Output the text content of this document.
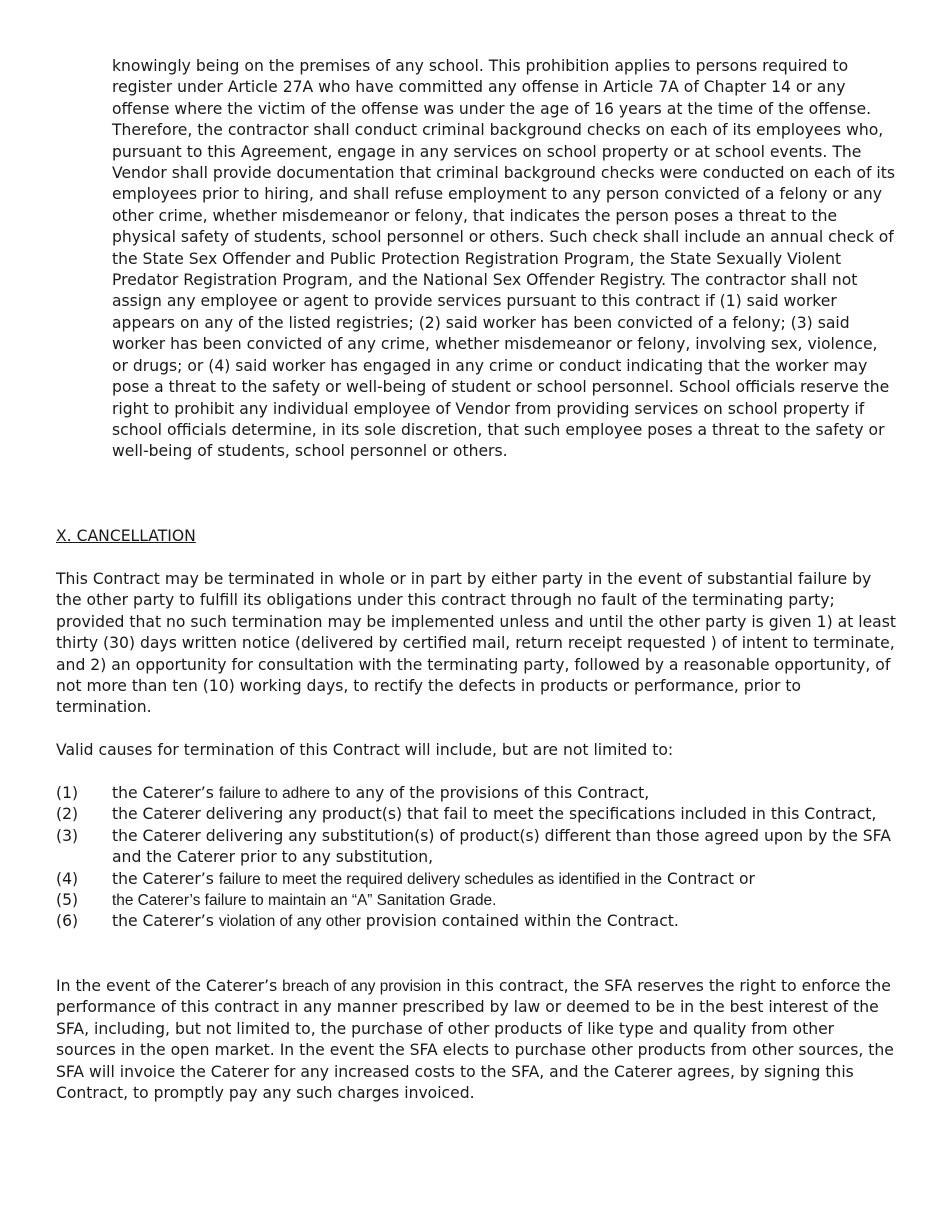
knowingly being on the premises of any school. This prohibition applies to persons required to register under Article 27A who have committed any offense in Article 7A of Chapter 14 or any offense where the victim of the offense was under the age of 16 years at the time of the offense. Therefore, the contractor shall conduct criminal background checks on each of its employees who, pursuant to this Agreement, engage in any services on school property or at school events. The Vendor shall provide documentation that criminal background checks were conducted on each of its employees prior to hiring, and shall refuse employment to any person convicted of a felony or any other crime, whether misdemeanor or felony, that indicates the person poses a threat to the physical safety of students, school personnel or others. Such check shall include an annual check of the State Sex Offender and Public Protection Registration Program, the State Sexually Violent Predator Registration Program, and the National Sex Offender Registry. The contractor shall not assign any employee or agent to provide services pursuant to this contract if (1) said worker appears on any of the listed registries; (2) said worker has been convicted of a felony; (3) said worker has been convicted of any crime, whether misdemeanor or felony, involving sex, violence, or drugs; or (4) said worker has engaged in any crime or conduct indicating that the worker may pose a threat to the safety or well-being of student or school personnel. School officials reserve the right to prohibit any individual employee of Vendor from providing services on school property if school officials determine, in its sole discretion, that such employee poses a threat to the safety or well-being of students, school personnel or others.

X. CANCELLATION

This Contract may be terminated in whole or in part by either party in the event of substantial failure by the other party to fulfill its obligations under this contract through no fault of the terminating party; provided that no such termination may be implemented unless and until the other party is given 1) at least thirty (30) days written notice (delivered by certified mail, return receipt requested ) of intent to terminate, and 2) an opportunity for consultation with the terminating party, followed by a reasonable opportunity, of not more than ten (10) working days, to rectify the defects in products or performance, prior to termination.

Valid causes for termination of this Contract will include, but are not limited to:

(1) the Caterer’s failure to adhere to any of the provisions of this Contract,
(2) the Caterer delivering any product(s) that fail to meet the specifications included in this Contract,
(3) the Caterer delivering any substitution(s) of product(s) different than those agreed upon by the SFA and the Caterer prior to any substitution,
(4) the Caterer’s failure to meet the required delivery schedules as identified in the Contract or
(5) the Caterer’s failure to maintain an “A” Sanitation Grade.
(6) the Caterer’s violation of any other provision contained within the Contract.

In the event of the Caterer’s breach of any provision in this contract, the SFA reserves the right to enforce the performance of this contract in any manner prescribed by law or deemed to be in the best interest of the SFA, including, but not limited to, the purchase of other products of like type and quality from other sources in the open market. In the event the SFA elects to purchase other products from other sources, the SFA will invoice the Caterer for any increased costs to the SFA, and the Caterer agrees, by signing this Contract, to promptly pay any such charges invoiced.
